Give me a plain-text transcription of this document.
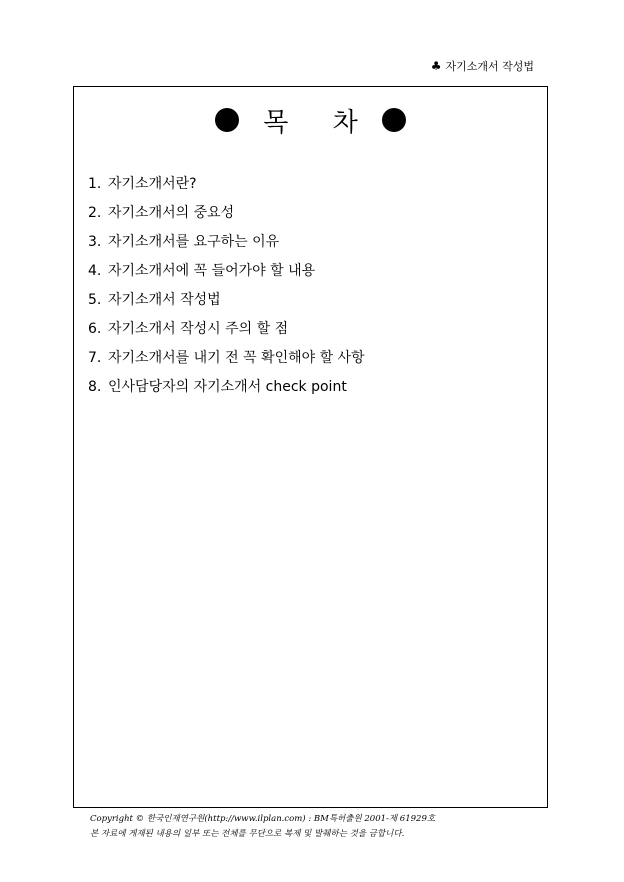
♣ 자기소개서 작성법
목 차
1. 자기소개서란?
2. 자기소개서의 중요성
3. 자기소개서를 요구하는 이유
4. 자기소개서에 꼭 들어가야 할 내용
5. 자기소개서 작성법
6. 자기소개서 작성시 주의 할 점
7. 자기소개서를 내기 전 꼭 확인해야 할 사항
8. 인사담당자의 자기소개서 check point
Copyright © 한국인재연구원(http://www.ilplan.com) : BM특허출원 2001-제 61929호
본 자료에 게재된 내용의 일부 또는 전체를 무단으로 복제 및 발췌하는 것을 금합니다.
